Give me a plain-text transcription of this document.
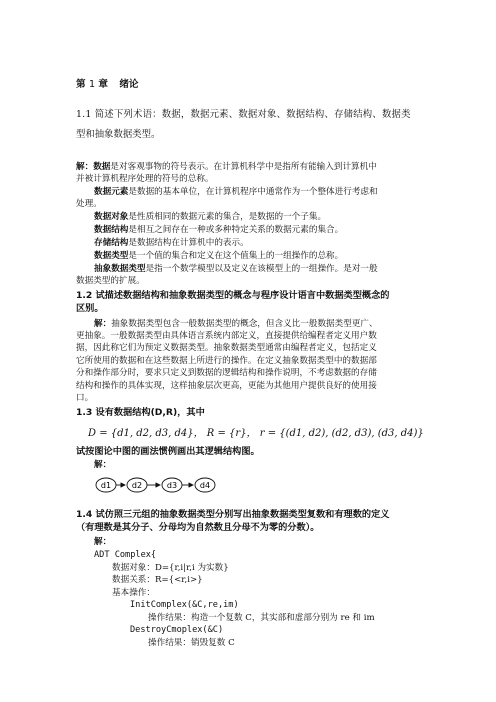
第 1 章 绪论
1.1 简述下列术语：数据，数据元素、数据对象、数据结构、存储结构、数据类
型和抽象数据类型。
解：数据是对客观事物的符号表示。在计算机科学中是指所有能输入到计算机中
并被计算机程序处理的符号的总称。
数据元素是数据的基本单位，在计算机程序中通常作为一个整体进行考虑和
处理。
数据对象是性质相同的数据元素的集合，是数据的一个子集。
数据结构是相互之间存在一种或多种特定关系的数据元素的集合。
存储结构是数据结构在计算机中的表示。
数据类型是一个值的集合和定义在这个值集上的一组操作的总称。
抽象数据类型是指一个数学模型以及定义在该模型上的一组操作。是对一般
数据类型的扩展。
1.2 试描述数据结构和抽象数据类型的概念与程序设计语言中数据类型概念的
区别。
解：抽象数据类型包含一般数据类型的概念，但含义比一般数据类型更广、
更抽象。一般数据类型由具体语言系统内部定义，直接提供给编程者定义用户数
据，因此称它们为预定义数据类型。抽象数据类型通常由编程者定义，包括定义
它所使用的数据和在这些数据上所进行的操作。在定义抽象数据类型中的数据部
分和操作部分时，要求只定义到数据的逻辑结构和操作说明，不考虑数据的存储
结构和操作的具体实现，这样抽象层次更高，更能为其他用户提供良好的使用接
口。
1.3 设有数据结构(D,R)，其中
D = {d1, d2, d3, d4}， R = {r}， r = {(d1, d2), (d2, d3), (d3, d4)}
试按图论中图的画法惯例画出其逻辑结构图。
解：
d1	d2	d3	d4
1.4 试仿照三元组的抽象数据类型分别写出抽象数据类型复数和有理数的定义
（有理数是其分子、分母均为自然数且分母不为零的分数）。
解：
ADT Complex{
数据对象：D={r,i|r,i 为实数}
数据关系：R={<r,i>}
基本操作：
InitComplex(&C,re,im)
操作结果：构造一个复数 C，其实部和虚部分别为 re 和 im
DestroyCmoplex(&C)
操作结果：销毁复数 C
